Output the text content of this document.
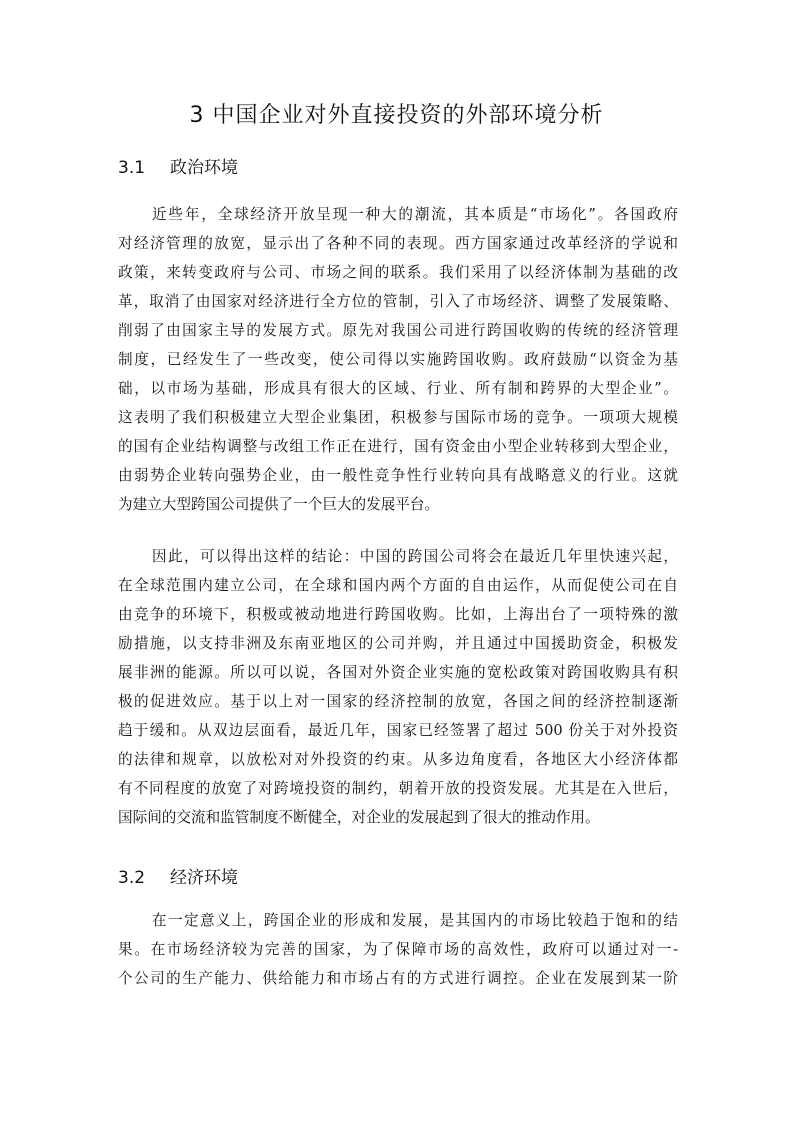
3 中国企业对外直接投资的外部环境分析
3.1 政治环境
近些年，全球经济开放呈现一种大的潮流，其本质是“市场化”。各国政府
对经济管理的放宽，显示出了各种不同的表现。西方国家通过改革经济的学说和
政策，来转变政府与公司、市场之间的联系。我们采用了以经济体制为基础的改
革，取消了由国家对经济进行全方位的管制，引入了市场经济、调整了发展策略、
削弱了由国家主导的发展方式。原先对我国公司进行跨国收购的传统的经济管理
制度，已经发生了一些改变，使公司得以实施跨国收购。政府鼓励“以资金为基
础，以市场为基础，形成具有很大的区域、行业、所有制和跨界的大型企业”。
这表明了我们积极建立大型企业集团，积极参与国际市场的竞争。一项项大规模
的国有企业结构调整与改组工作正在进行，国有资金由小型企业转移到大型企业，
由弱势企业转向强势企业，由一般性竞争性行业转向具有战略意义的行业。这就
为建立大型跨国公司提供了一个巨大的发展平台。
因此，可以得出这样的结论：中国的跨国公司将会在最近几年里快速兴起，
在全球范围内建立公司，在全球和国内两个方面的自由运作，从而促使公司在自
由竞争的环境下，积极或被动地进行跨国收购。比如，上海出台了一项特殊的激
励措施，以支持非洲及东南亚地区的公司并购，并且通过中国援助资金，积极发
展非洲的能源。所以可以说，各国对外资企业实施的宽松政策对跨国收购具有积
极的促进效应。基于以上对一国家的经济控制的放宽，各国之间的经济控制逐渐
趋于缓和。从双边层面看，最近几年，国家已经签署了超过 500 份关于对外投资
的法律和规章，以放松对对外投资的约束。从多边角度看，各地区大小经济体都
有不同程度的放宽了对跨境投资的制约，朝着开放的投资发展。尤其是在入世后，
国际间的交流和监管制度不断健全，对企业的发展起到了很大的推动作用。
3.2 经济环境
在一定意义上，跨国企业的形成和发展，是其国内的市场比较趋于饱和的结
果。在市场经济较为完善的国家，为了保障市场的高效性，政府可以通过对一-
个公司的生产能力、供给能力和市场占有的方式进行调控。企业在发展到某一阶
